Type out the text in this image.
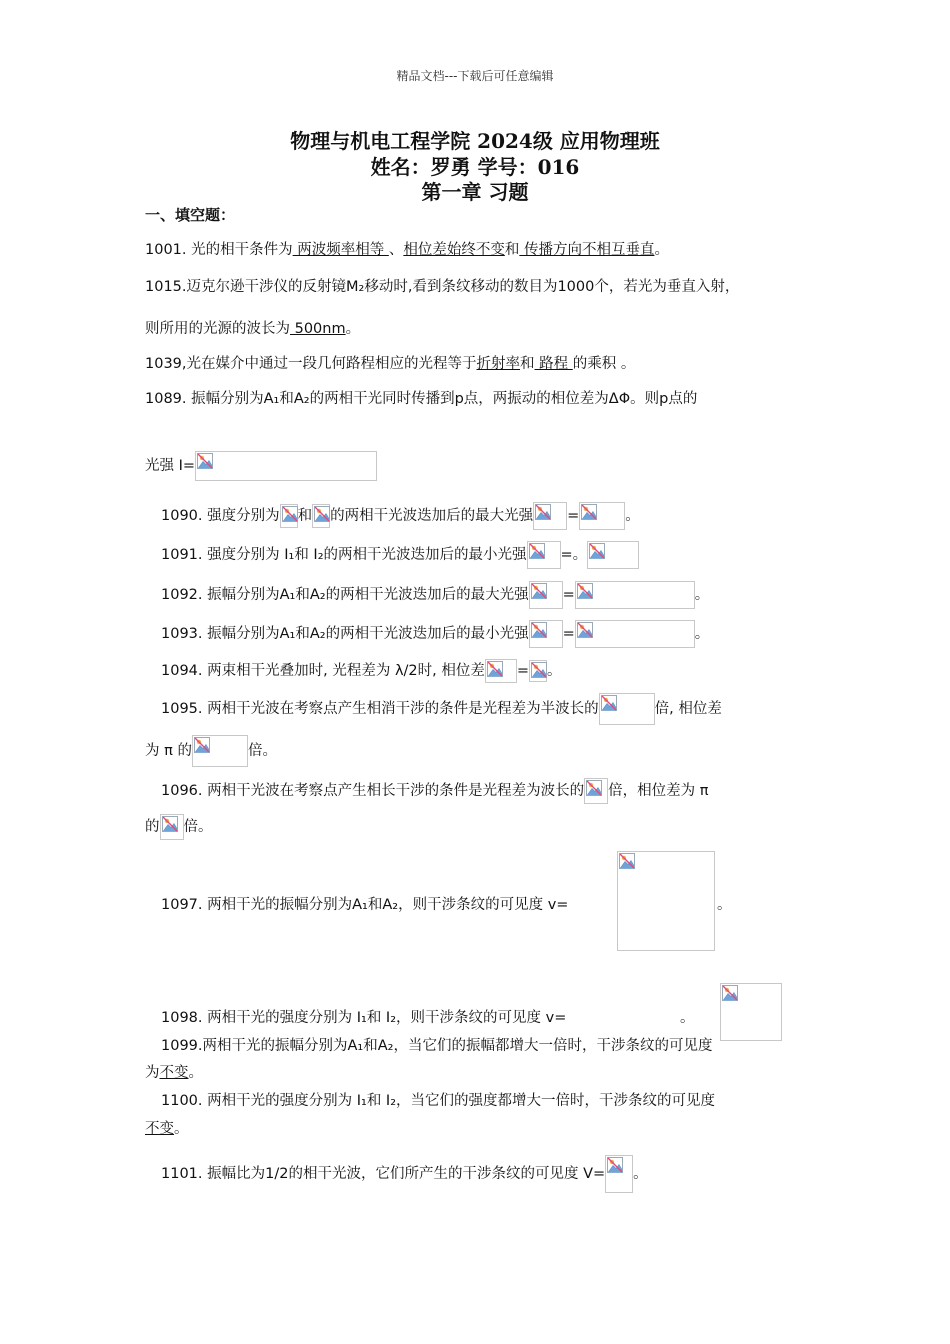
精品文档---下载后可任意编辑
物理与机电工程学院 2024级 应用物理班
姓名：罗勇 学号：016
第一章 习题
一、填空题：
1001. 光的相干条件为 两波频率相等 、相位差始终不变和 传播方向不相互垂直。
1015.迈克尔逊干涉仪的反射镜M₂移动时,看到条纹移动的数目为1000个，若光为垂直入射，
则所用的光源的波长为 500nm。
1039,光在媒介中通过一段几何路程相应的光程等于折射率和 路程 的乘积 。
1089. 振幅分别为A₁和A₂的两相干光同时传播到p点，两振动的相位差为ΔΦ。则p点的
光强 I=
1090. 强度分别为 和 的两相干光波迭加后的最大光强 =	。
1091. 强度分别为 I₁和 I₂的两相干光波迭加后的最小光强 =。
1092. 振幅分别为A₁和A₂的两相干光波迭加后的最大光强 =	。
1093. 振幅分别为A₁和A₂的两相干光波迭加后的最小光强 =	。
1094. 两束相干光叠加时, 光程差为 λ/2时, 相位差 = 。
1095. 两相干光波在考察点产生相消干涉的条件是光程差为半波长的	倍, 相位差
为 π 的	倍。
1096. 两相干光波在考察点产生相长干涉的条件是光程差为波长的 倍，相位差为 π
的 倍。
1097. 两相干光的振幅分别为A₁和A₂，则干涉条纹的可见度 v=
	。
1098. 两相干光的强度分别为 I₁和 I₂，则干涉条纹的可见度 v=	。
1099.两相干光的振幅分别为A₁和A₂，当它们的振幅都增大一倍时，干涉条纹的可见度
为不变。
1100. 两相干光的强度分别为 I₁和 I₂，当它们的强度都增大一倍时，干涉条纹的可见度
不变。
1101. 振幅比为1/2的相干光波，它们所产生的干涉条纹的可见度 V= 。
